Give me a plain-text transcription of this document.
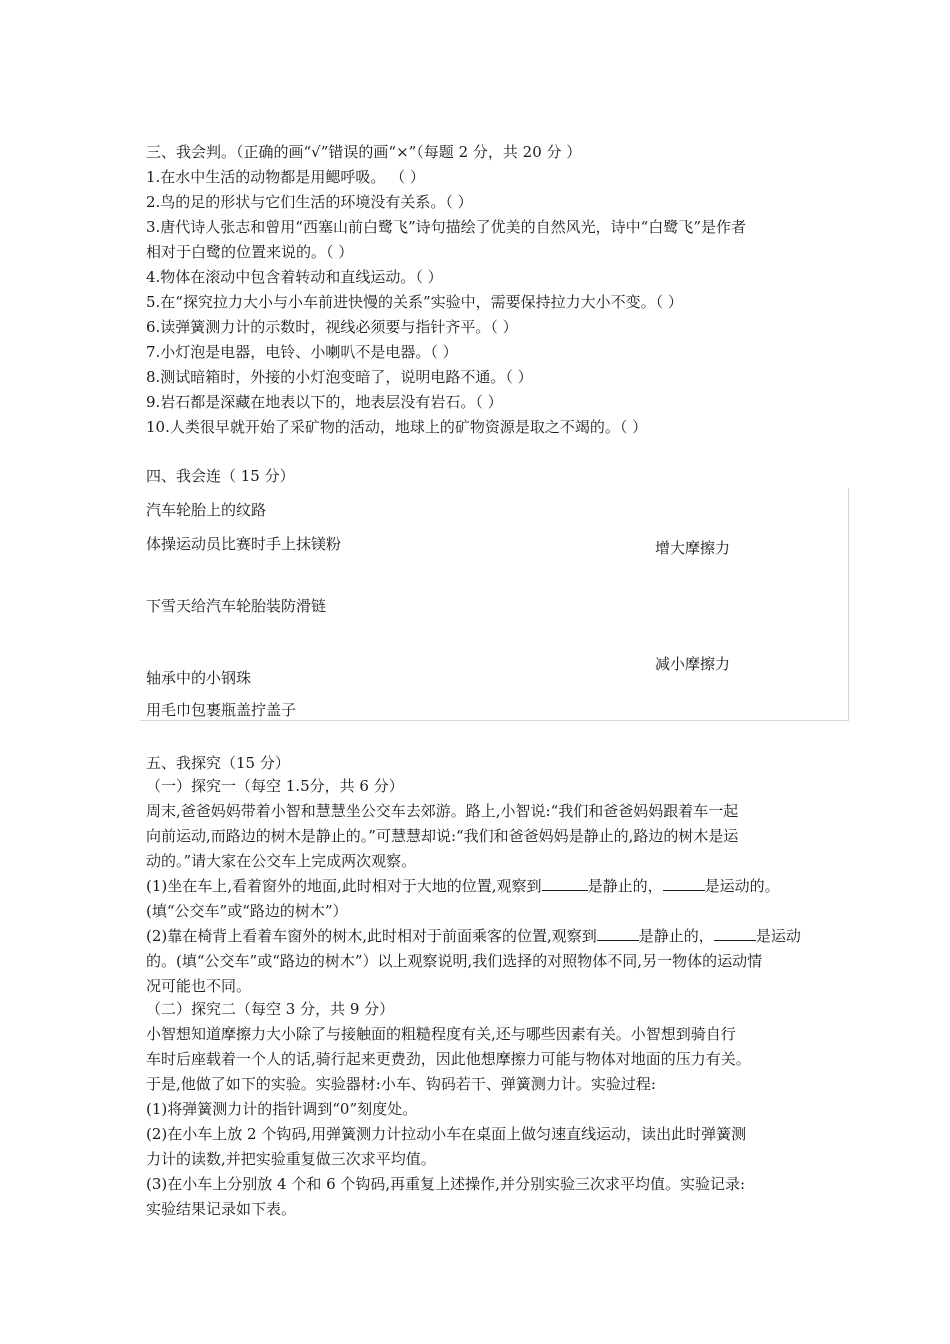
三、我会判。（正确的画“√”错误的画“×”（每题 2 分，共 20 分 ）
1.在水中生活的动物都是用鳃呼吸。 （ ）
2.鸟的足的形状与它们生活的环境没有关系。（ ）
3.唐代诗人张志和曾用“西塞山前白鹭飞”诗句描绘了优美的自然风光，诗中“白鹭飞”是作者
相对于白鹭的位置来说的。（ ）
4.物体在滚动中包含着转动和直线运动。（ ）
5.在“探究拉力大小与小车前进快慢的关系”实验中，需要保持拉力大小不变。（ ）
6.读弹簧测力计的示数时，视线必须要与指针齐平。（ ）
7.小灯泡是电器，电铃、小喇叭不是电器。（ ）
8.测试暗箱时，外接的小灯泡变暗了，说明电路不通。（ ）
9.岩石都是深藏在地表以下的，地表层没有岩石。（ ）
10.人类很早就开始了采矿物的活动，地球上的矿物资源是取之不竭的。（ ）
四、我会连（ 15 分）
汽车轮胎上的纹路
体操运动员比赛时手上抹镁粉
下雪天给汽车轮胎装防滑链
轴承中的小钢珠
用毛巾包裹瓶盖拧盖子
增大摩擦力
减小摩擦力
五、我探究（15 分）
（一）探究一（每空 1.5分，共 6 分）
周末,爸爸妈妈带着小智和慧慧坐公交车去郊游。路上,小智说:“我们和爸爸妈妈跟着车一起
向前运动,而路边的树木是静止的。”可慧慧却说:“我们和爸爸妈妈是静止的,路边的树木是运
动的。”请大家在公交车上完成两次观察。
(1)坐在车上,看着窗外的地面,此时相对于大地的位置,观察到	是静止的，	是运动的。
(填“公交车”或“路边的树木”）
(2)靠在椅背上看着车窗外的树木,此时相对于前面乘客的位置,观察到	是静止的，	是运动
的。(填“公交车”或“路边的树木”）以上观察说明,我们选择的对照物体不同,另一物体的运动情
况可能也不同。
（二）探究二（每空 3 分，共 9 分）
小智想知道摩擦力大小除了与接触面的粗糙程度有关,还与哪些因素有关。小智想到骑自行
车时后座载着一个人的话,骑行起来更费劲，因此他想摩擦力可能与物体对地面的压力有关。
于是,他做了如下的实验。实验器材:小车、钩码若干、弹簧测力计。实验过程:
(1)将弹簧测力计的指针调到“0”刻度处。
(2)在小车上放 2 个钩码,用弹簧测力计拉动小车在桌面上做匀速直线运动，读出此时弹簧测
力计的读数,并把实验重复做三次求平均值。
(3)在小车上分别放 4 个和 6 个钩码,再重复上述操作,并分别实验三次求平均值。实验记录:
实验结果记录如下表。
